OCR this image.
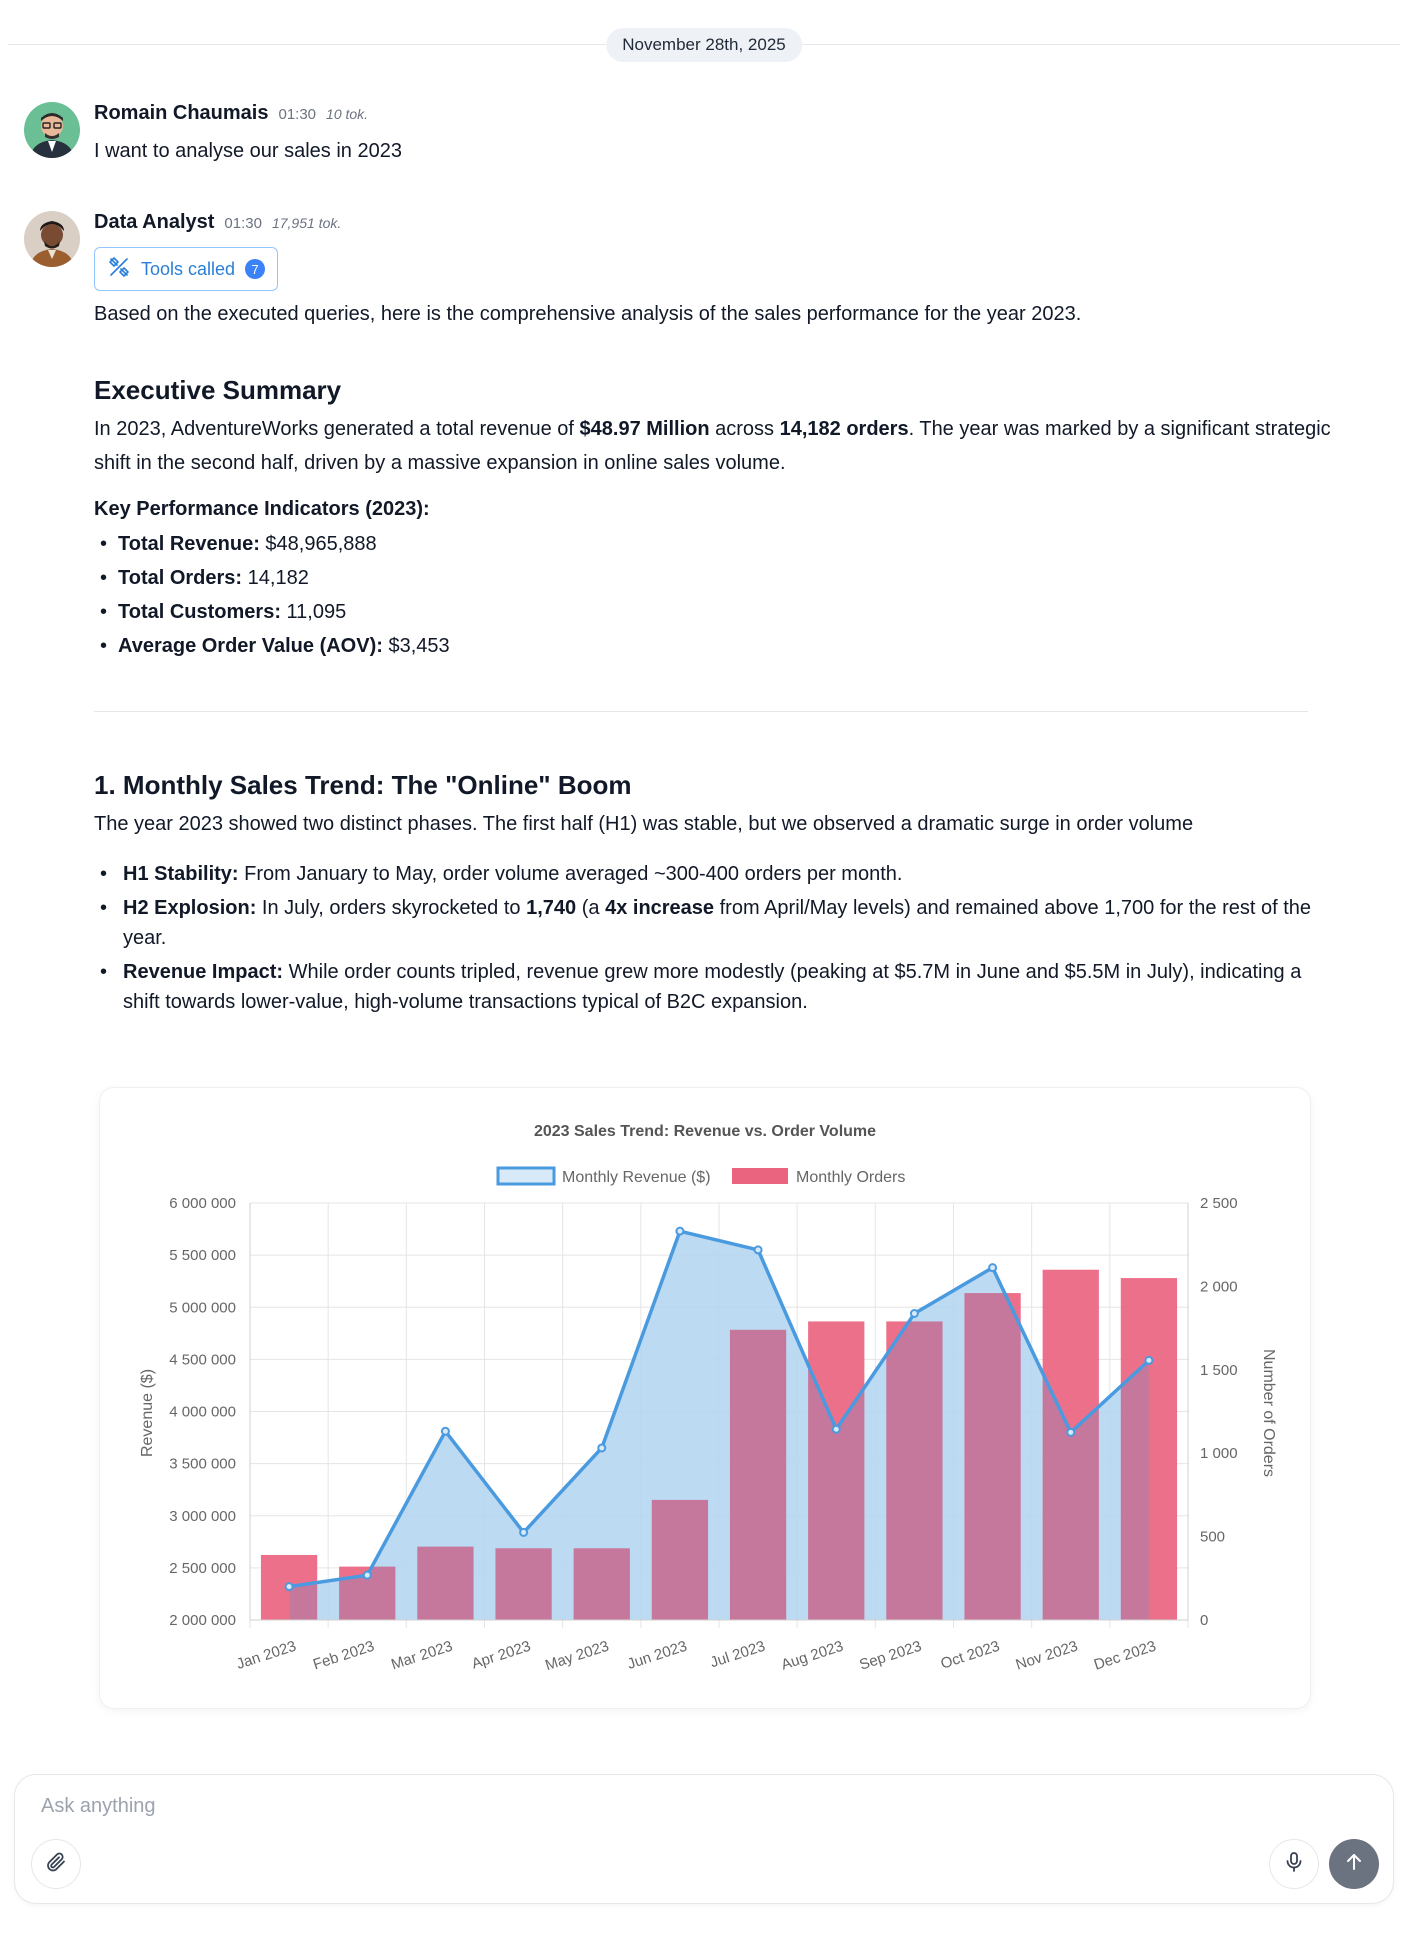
November 28th, 2025
Romain Chaumais 01:30 10 tok.
I want to analyse our sales in 2023
Data Analyst 01:30 17,951 tok.
Tools called	7
Based on the executed queries, here is the comprehensive analysis of the sales performance for the year 2023.
Executive Summary
In 2023, AdventureWorks generated a total revenue of $48.97 Million across 14,182 orders. The year was marked by a significant strategic shift in the second half, driven by a massive expansion in online sales volume.
Key Performance Indicators (2023):
• Total Revenue: $48,965,888
• Total Orders: 14,182
• Total Customers: 11,095
• Average Order Value (AOV): $3,453
1. Monthly Sales Trend: The "Online" Boom
The year 2023 showed two distinct phases. The first half (H1) was stable, but we observed a dramatic surge in order volume
• H1 Stability: From January to May, order volume averaged ~300-400 orders per month.
• H2 Explosion: In July, orders skyrocketed to 1,740 (a 4x increase from April/May levels) and remained above 1,700 for the rest of the year.
• Revenue Impact: While order counts tripled, revenue grew more modestly (peaking at $5.7M in June and $5.5M in July), indicating a shift towards lower-value, high-volume transactions typical of B2C expansion.
2023 Sales Trend: Revenue vs. Order Volume
Monthly Revenue ($)	Monthly Orders
6 000 000
5 500 000
5 000 000
4 500 000
4 000 000
3 500 000
3 000 000
2 500 000
2 000 000
2 500
2 000
1 500
1 000
500
0
Jan 2023 Feb 2023 Mar 2023 Apr 2023 May 2023 Jun 2023 Jul 2023 Aug 2023 Sep 2023 Oct 2023 Nov 2023 Dec 2023
Revenue ($)	Number of Orders
Ask anything
